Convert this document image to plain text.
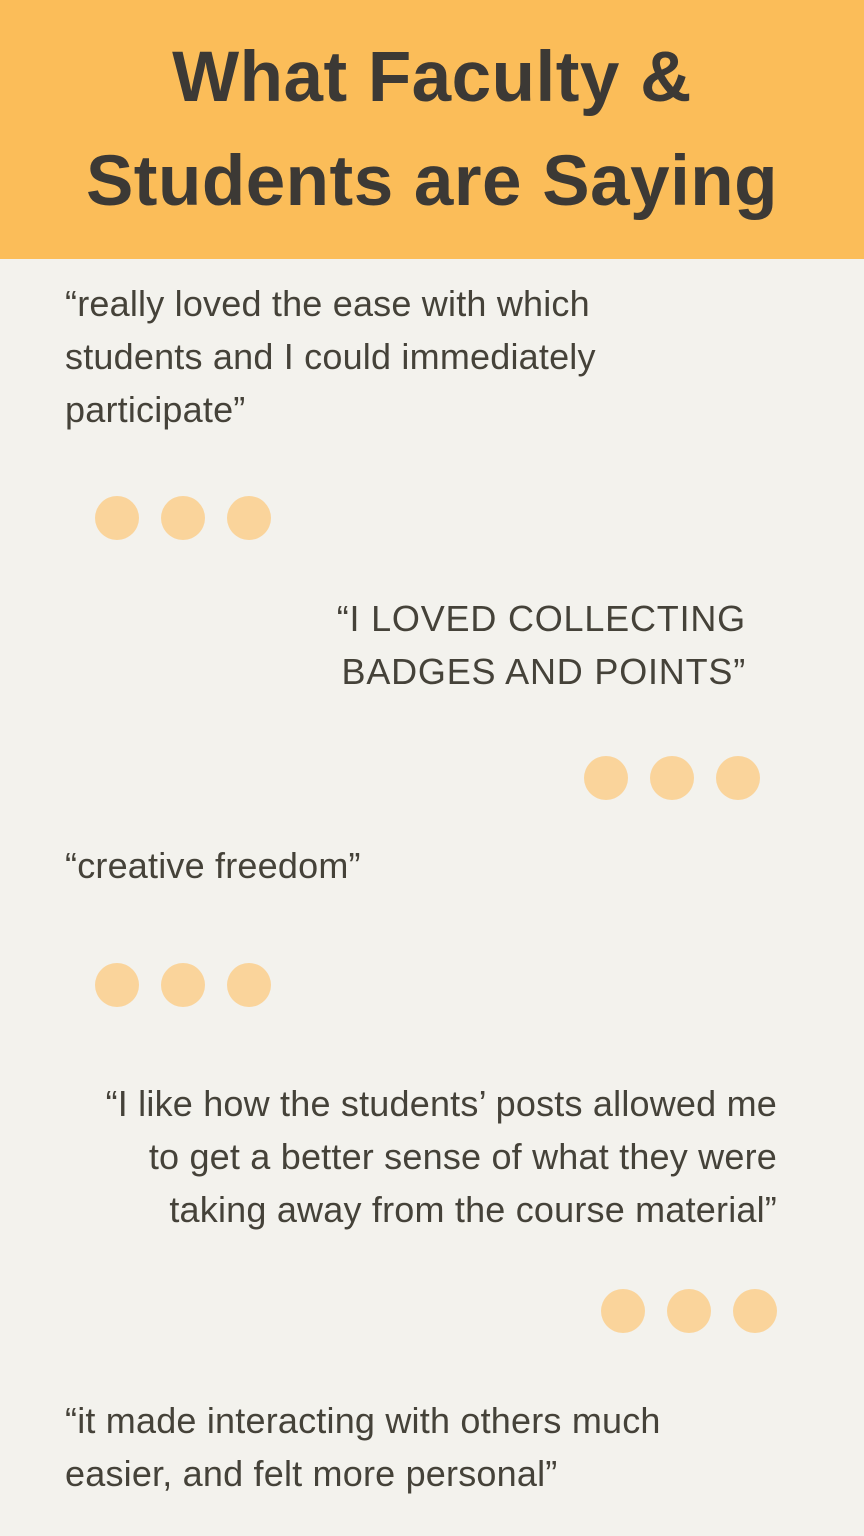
What Faculty &
Students are Saying
“really loved the ease with which
students and I could immediately
participate”
“I LOVED COLLECTING
BADGES AND POINTS”
“creative freedom”
“I like how the students’ posts allowed me
to get a better sense of what they were
taking away from the course material”
“it made interacting with others much
easier, and felt more personal”
